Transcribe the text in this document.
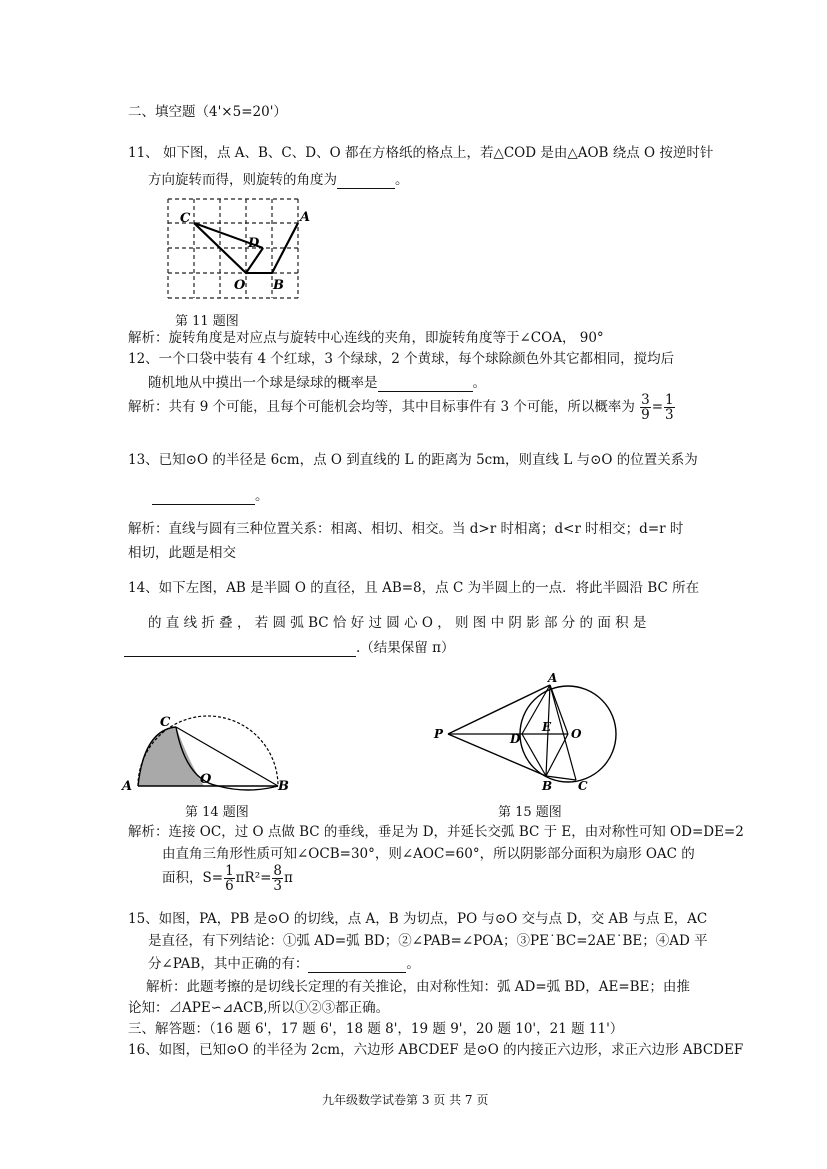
二、填空题（4'×5=20'）
11、 如下图，点 A、B、C、D、O 都在方格纸的格点上，若△COD 是由△AOB 绕点 O 按逆时针
方向旋转而得，则旋转的角度为	。
C	A
D
O B
第 11 题图
解析：旋转角度是对应点与旋转中心连线的夹角，即旋转角度等于∠COA， 90°
12、一个口袋中装有 4 个红球，3 个绿球，2 个黄球，每个球除颜色外其它都相同，搅均后
随机地从中摸出一个球是绿球的概率是	。
解析：共有 9 个可能，且每个可能机会均等，其中目标事件有 3 个可能，所以概率为 $\frac{3}{9} = \frac{1}{3}$
13、已知⊙O 的半径是 6cm，点 O 到直线的 L 的距离为 5cm，则直线 L 与⊙O 的位置关系为
。
解析：直线与圆有三种位置关系：相离、相切、相交。当 d>r 时相离；d<r 时相交；d=r 时
相切，此题是相交
14、如下左图，AB 是半圆 O 的直径，且 AB=8，点 C 为半圆上的一点．将此半圆沿 BC 所在
的 直 线 折 叠 ， 若 圆 弧 BC 恰 好 过 圆 心 O ， 则 图 中 阴 影 部 分 的 面 积 是
.（结果保留 π）
A	B
C
O
第 14 题图
P
A
B C
D
E O
第 15 题图
解析：连接 OC，过 O 点做 BC 的垂线，垂足为 D，并延长交弧 BC 于 E，由对称性可知 OD=DE=2
由直角三角形性质可知∠OCB=30°，则∠AOC=60°，所以阴影部分面积为扇形 OAC 的
面积，$S= \frac{1}{6} \pi R^2= \frac{8}{3}$ π
15、如图，PA，PB 是⊙O 的切线，点 A，B 为切点，PO 与⊙O 交与点 D，交 AB 与点 E，AC
是直径，有下列结论：①弧 AD=弧 BD；②∠PAB=∠POA；③PE˙BC=2AE˙BE；④AD 平
分∠PAB，其中正确的有：	。
解析：此题考擦的是切线长定理的有关推论，由对称性知：弧 AD=弧 BD，AE=BE；由推
论知：⊿APE∽⊿ACB,所以①②③都正确。
三、解答题：（16 题 6'，17 题 6'，18 题 8'，19 题 9'，20 题 10'，21 题 11'）
16、如图，已知⊙O 的半径为 2cm，六边形 ABCDEF 是⊙O 的内接正六边形，求正六边形 ABCDEF
九年级数学试卷第 3 页 共 7 页
